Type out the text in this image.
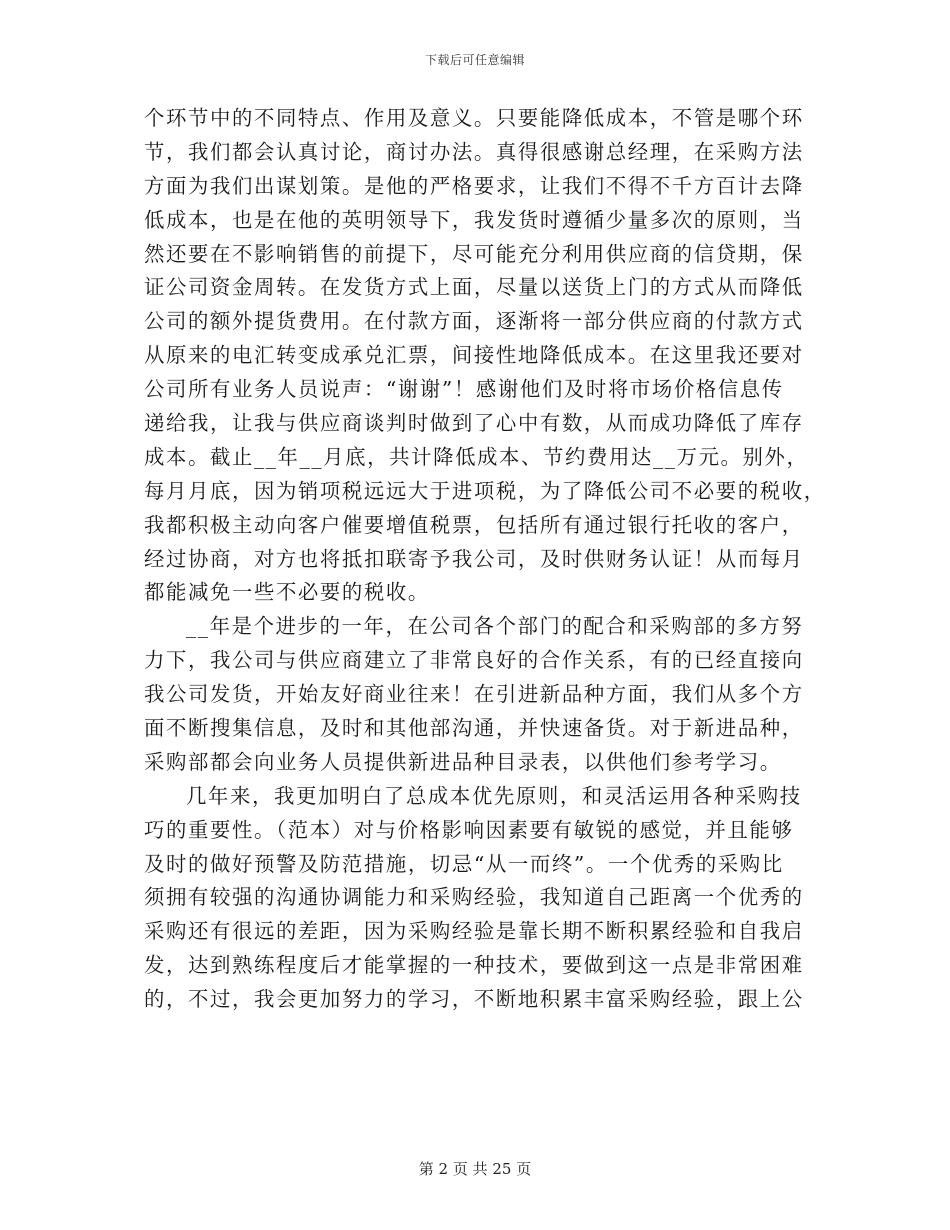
下载后可任意编辑
个环节中的不同特点、作用及意义。只要能降低成本，不管是哪个环
节，我们都会认真讨论，商讨办法。真得很感谢总经理，在采购方法
方面为我们出谋划策。是他的严格要求，让我们不得不千方百计去降
低成本，也是在他的英明领导下，我发货时遵循少量多次的原则，当
然还要在不影响销售的前提下，尽可能充分利用供应商的信贷期，保
证公司资金周转。在发货方式上面，尽量以送货上门的方式从而降低
公司的额外提货费用。在付款方面，逐渐将一部分供应商的付款方式
从原来的电汇转变成承兑汇票，间接性地降低成本。在这里我还要对
公司所有业务人员说声：“谢谢”！感谢他们及时将市场价格信息传
递给我，让我与供应商谈判时做到了心中有数，从而成功降低了库存
成本。截止__年__月底，共计降低成本、节约费用达__万元。别外，
每月月底，因为销项税远远大于进项税，为了降低公司不必要的税收，
我都积极主动向客户催要增值税票，包括所有通过银行托收的客户，
经过协商，对方也将抵扣联寄予我公司，及时供财务认证！从而每月
都能减免一些不必要的税收。
__年是个进步的一年，在公司各个部门的配合和采购部的多方努
力下，我公司与供应商建立了非常良好的合作关系，有的已经直接向
我公司发货，开始友好商业往来！在引进新品种方面，我们从多个方
面不断搜集信息，及时和其他部沟通，并快速备货。对于新进品种，
采购部都会向业务人员提供新进品种目录表，以供他们参考学习。
几年来，我更加明白了总成本优先原则，和灵活运用各种采购技
巧的重要性。（范本）对与价格影响因素要有敏锐的感觉，并且能够
及时的做好预警及防范措施，切忌“从一而终”。一个优秀的采购比
须拥有较强的沟通协调能力和采购经验，我知道自己距离一个优秀的
采购还有很远的差距，因为采购经验是靠长期不断积累经验和自我启
发，达到熟练程度后才能掌握的一种技术，要做到这一点是非常困难
的，不过，我会更加努力的学习，不断地积累丰富采购经验，跟上公
第 2 页 共 25 页
